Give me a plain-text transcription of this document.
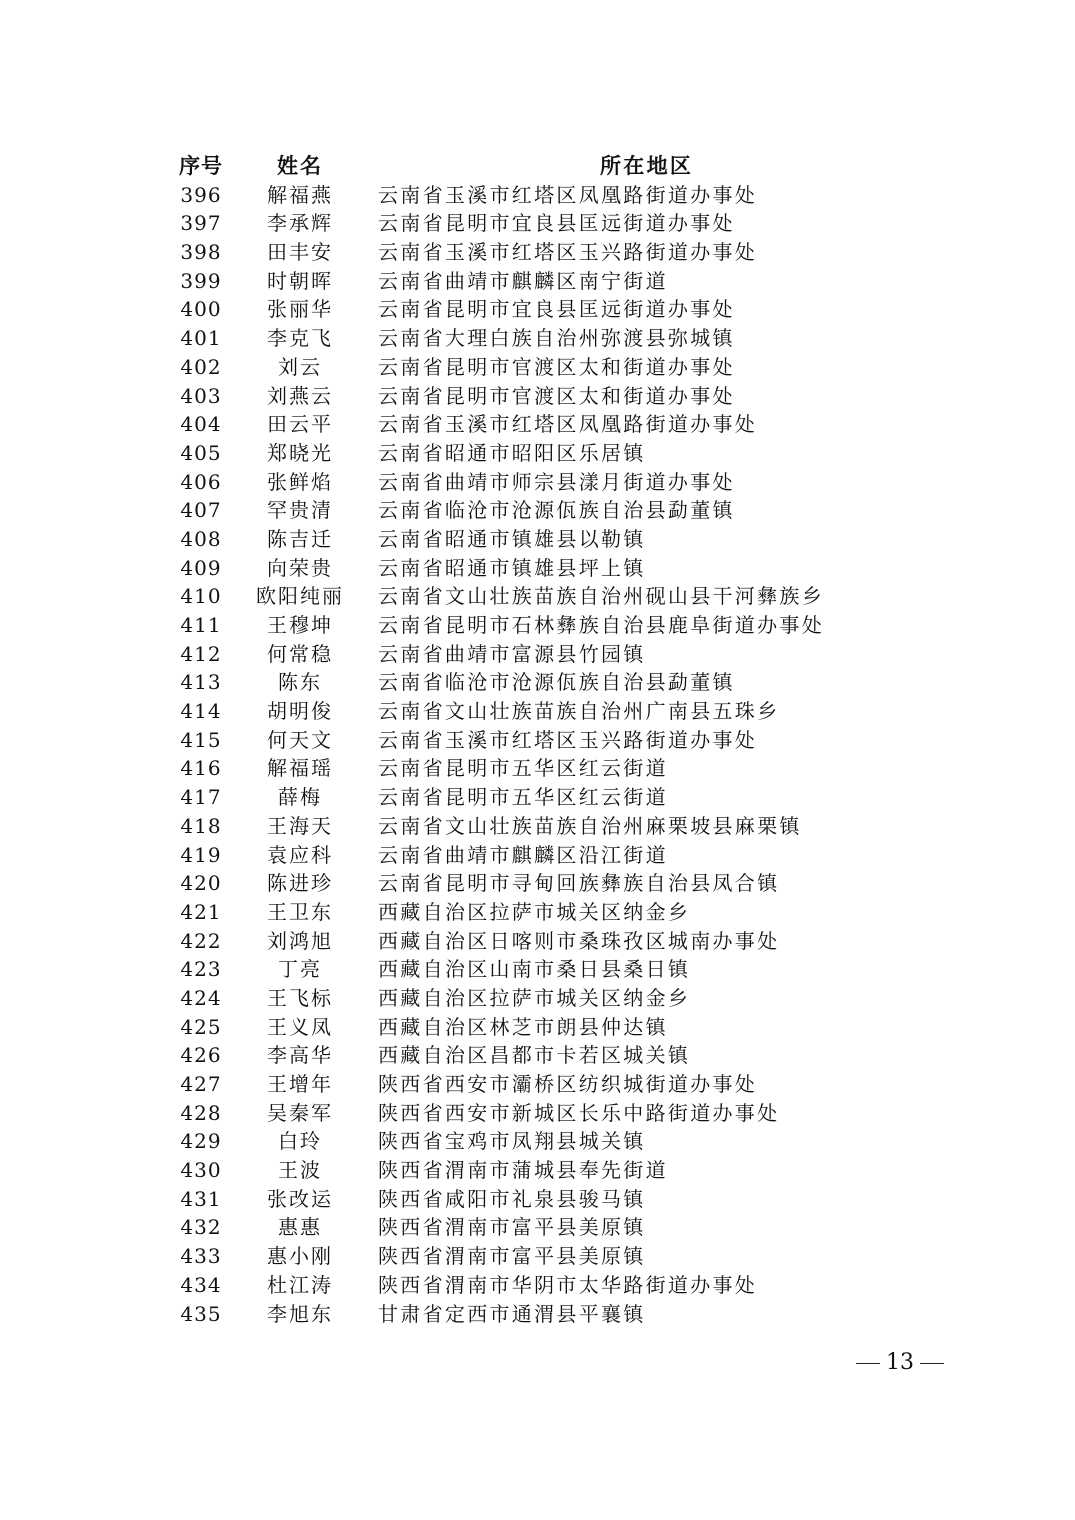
序号	姓名	所在地区
396	解福燕	云南省玉溪市红塔区凤凰路街道办事处
397	李承辉	云南省昆明市宜良县匡远街道办事处
398	田丰安	云南省玉溪市红塔区玉兴路街道办事处
399	时朝晖	云南省曲靖市麒麟区南宁街道
400	张丽华	云南省昆明市宜良县匡远街道办事处
401	李克飞	云南省大理白族自治州弥渡县弥城镇
402	刘云	云南省昆明市官渡区太和街道办事处
403	刘燕云	云南省昆明市官渡区太和街道办事处
404	田云平	云南省玉溪市红塔区凤凰路街道办事处
405	郑晓光	云南省昭通市昭阳区乐居镇
406	张鲜焰	云南省曲靖市师宗县漾月街道办事处
407	罕贵清	云南省临沧市沧源佤族自治县勐董镇
408	陈吉迁	云南省昭通市镇雄县以勒镇
409	向荣贵	云南省昭通市镇雄县坪上镇
410	欧阳纯丽	云南省文山壮族苗族自治州砚山县干河彝族乡
411	王穆坤	云南省昆明市石林彝族自治县鹿阜街道办事处
412	何常稳	云南省曲靖市富源县竹园镇
413	陈东	云南省临沧市沧源佤族自治县勐董镇
414	胡明俊	云南省文山壮族苗族自治州广南县五珠乡
415	何天文	云南省玉溪市红塔区玉兴路街道办事处
416	解福瑶	云南省昆明市五华区红云街道
417	薛梅	云南省昆明市五华区红云街道
418	王海天	云南省文山壮族苗族自治州麻栗坡县麻栗镇
419	袁应科	云南省曲靖市麒麟区沿江街道
420	陈进珍	云南省昆明市寻甸回族彝族自治县凤合镇
421	王卫东	西藏自治区拉萨市城关区纳金乡
422	刘鸿旭	西藏自治区日喀则市桑珠孜区城南办事处
423	丁亮	西藏自治区山南市桑日县桑日镇
424	王飞标	西藏自治区拉萨市城关区纳金乡
425	王义凤	西藏自治区林芝市朗县仲达镇
426	李高华	西藏自治区昌都市卡若区城关镇
427	王增年	陕西省西安市灞桥区纺织城街道办事处
428	吴秦军	陕西省西安市新城区长乐中路街道办事处
429	白玲	陕西省宝鸡市凤翔县城关镇
430	王波	陕西省渭南市蒲城县奉先街道
431	张改运	陕西省咸阳市礼泉县骏马镇
432	惠惠	陕西省渭南市富平县美原镇
433	惠小刚	陕西省渭南市富平县美原镇
434	杜江涛	陕西省渭南市华阴市太华路街道办事处
435	李旭东	甘肃省定西市通渭县平襄镇
13
